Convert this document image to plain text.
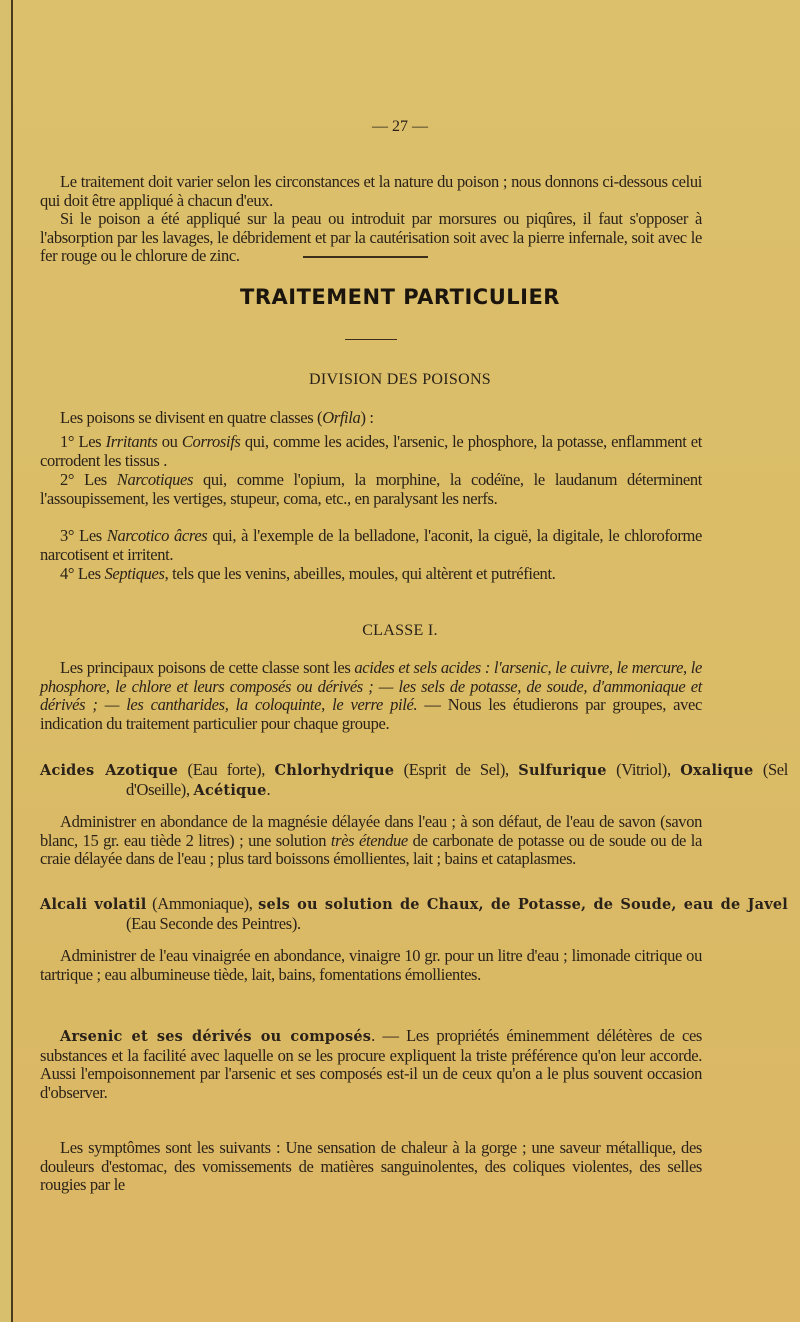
— 27 —
Le traitement doit varier selon les circonstances et la nature du poison ; nous donnons ci-dessous celui qui doit être appliqué à chacun d'eux.
Si le poison a été appliqué sur la peau ou introduit par morsures ou piqûres, il faut s'opposer à l'absorption par les lavages, le débridement et par la cautérisation soit avec la pierre infernale, soit avec le fer rouge ou le chlorure de zinc.
TRAITEMENT PARTICULIER
DIVISION DES POISONS
Les poisons se divisent en quatre classes (Orfila) :
1° Les Irritants ou Corrosifs qui, comme les acides, l'arsenic, le phosphore, la potasse, enflamment et corrodent les tissus .
2° Les Narcotiques qui, comme l'opium, la morphine, la codéïne, le laudanum déterminent l'assoupissement, les vertiges, stupeur, coma, etc., en paralysant les nerfs.
3° Les Narcotico âcres qui, à l'exemple de la belladone, l'aconit, la ciguë, la digitale, le chloroforme narcotisent et irritent.
4° Les Septiques, tels que les venins, abeilles, moules, qui altèrent et putréfient.
CLASSE I.
Les principaux poisons de cette classe sont les acides et sels acides : l'arsenic, le cuivre, le mercure, le phosphore, le chlore et leurs composés ou dérivés ; — les sels de potasse, de soude, d'ammoniaque et dérivés ; — les cantharides, la coloquinte, le verre pilé. — Nous les étudierons par groupes, avec indication du traitement particulier pour chaque groupe.
Acides Azotique (Eau forte), Chlorhydrique (Esprit de Sel), Sulfurique (Vitriol), Oxalique (Sel d'Oseille), Acétique.
Administrer en abondance de la magnésie délayée dans l'eau ; à son défaut, de l'eau de savon (savon blanc, 15 gr. eau tiède 2 litres) ; une solution très étendue de carbonate de potasse ou de soude ou de la craie délayée dans de l'eau ; plus tard boissons émollientes, lait ; bains et cataplasmes.
Alcali volatil (Ammoniaque), sels ou solution de Chaux, de Potasse, de Soude, eau de Javel (Eau Seconde des Peintres).
Administrer de l'eau vinaigrée en abondance, vinaigre 10 gr. pour un litre d'eau ; limonade citrique ou tartrique ; eau albumineuse tiède, lait, bains, fomentations émollientes.
Arsenic et ses dérivés ou composés. — Les propriétés éminemment délétères de ces substances et la facilité avec laquelle on se les procure expliquent la triste préférence qu'on leur accorde. Aussi l'empoisonnement par l'arsenic et ses composés est-il un de ceux qu'on a le plus souvent occasion d'observer.
Les symptômes sont les suivants : Une sensation de chaleur à la gorge ; une saveur métallique, des douleurs d'estomac, des vomissements de matières sanguinolentes, des coliques violentes, des selles rougies par le
